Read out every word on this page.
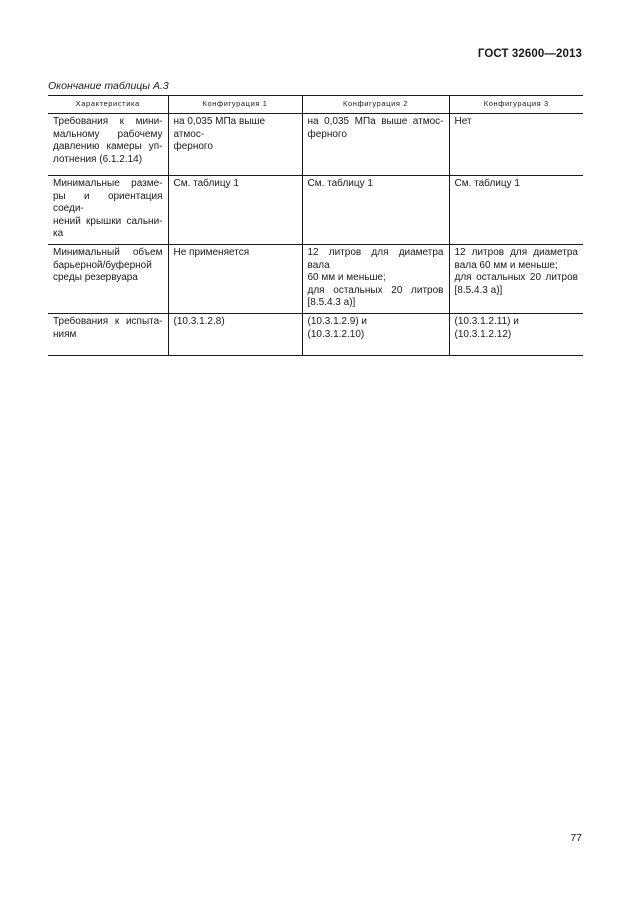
ГОСТ 32600—2013
Окончание таблицы А.3
Характеристика	Конфигурация 1	Конфигурация 2	Конфигурация 3

Требования к мини-
мальному рабочему
давлению камеры уп-
лотнения (6.1.2.14)	на 0,035 МПа выше атмос-
ферного	на 0,035 МПа выше атмос-
ферного	Нет

Минимальные разме-
ры и ориентация соеди-
нений крышки сальни-
ка	См. таблицу 1	См. таблицу 1	См. таблицу 1

Минимальный объем
барьерной/буферной
среды резервуара	Не применяется	12 литров для диаметра вала
60 мм и меньше;
для остальных 20 литров
[8.5.4.3 а)]	12 литров для диаметра
вала 60 мм и меньше;
для остальных 20 литров
[8.5.4.3 а)]

Требования к испыта-
ниям	(10.3.1.2.8)	(10.3.1.2.9) и
(10.3.1.2.10)	(10.3.1.2.11) и
(10.3.1.2.12)
77
